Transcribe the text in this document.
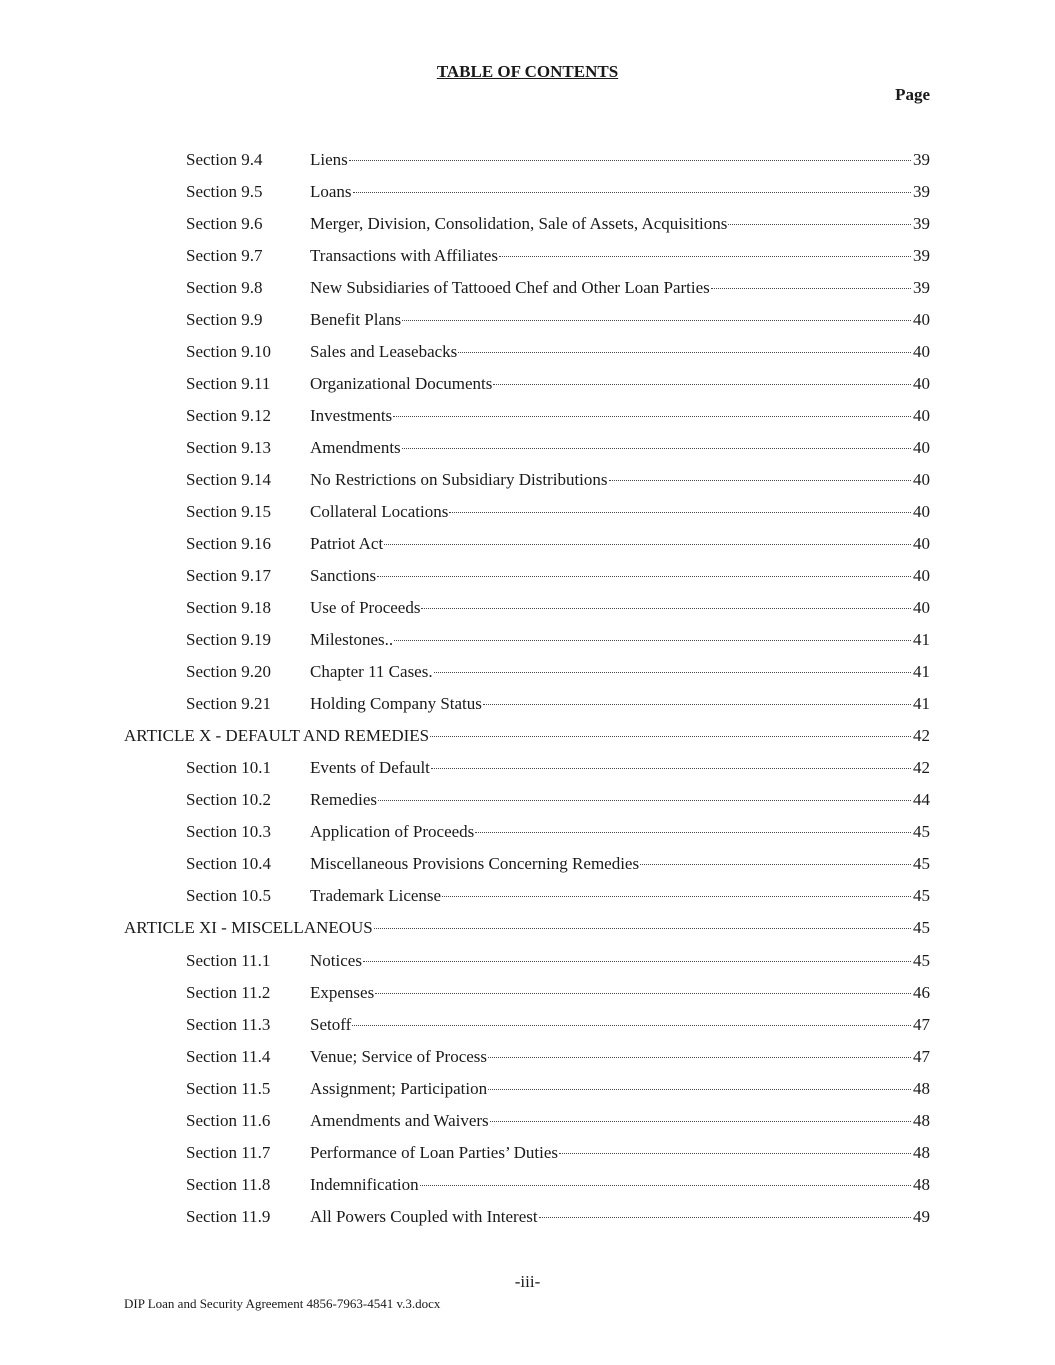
TABLE OF CONTENTS
Page
Section 9.4	Liens	39
Section 9.5	Loans	39
Section 9.6	Merger, Division, Consolidation, Sale of Assets, Acquisitions	39
Section 9.7	Transactions with Affiliates	39
Section 9.8	New Subsidiaries of Tattooed Chef and Other Loan Parties	39
Section 9.9	Benefit Plans	40
Section 9.10 Sales and Leasebacks	40
Section 9.11 Organizational Documents	40
Section 9.12 Investments	40
Section 9.13 Amendments	40
Section 9.14 No Restrictions on Subsidiary Distributions	40
Section 9.15 Collateral Locations	40
Section 9.16 Patriot Act	40
Section 9.17 Sanctions	40
Section 9.18 Use of Proceeds	40
Section 9.19 Milestones..	41
Section 9.20 Chapter 11 Cases.	41
Section 9.21 Holding Company Status	41
ARTICLE X - DEFAULT AND REMEDIES	42
Section 10.1 Events of Default	42
Section 10.2 Remedies	44
Section 10.3 Application of Proceeds	45
Section 10.4 Miscellaneous Provisions Concerning Remedies	45
Section 10.5 Trademark License	45
ARTICLE XI - MISCELLANEOUS	45
Section 11.1 Notices	45
Section 11.2 Expenses	46
Section 11.3 Setoff	47
Section 11.4 Venue; Service of Process	47
Section 11.5 Assignment; Participation	48
Section 11.6 Amendments and Waivers	48
Section 11.7 Performance of Loan Parties’ Duties	48
Section 11.8 Indemnification	48
Section 11.9 All Powers Coupled with Interest	49
-iii-
DIP Loan and Security Agreement 4856-7963-4541 v.3.docx
